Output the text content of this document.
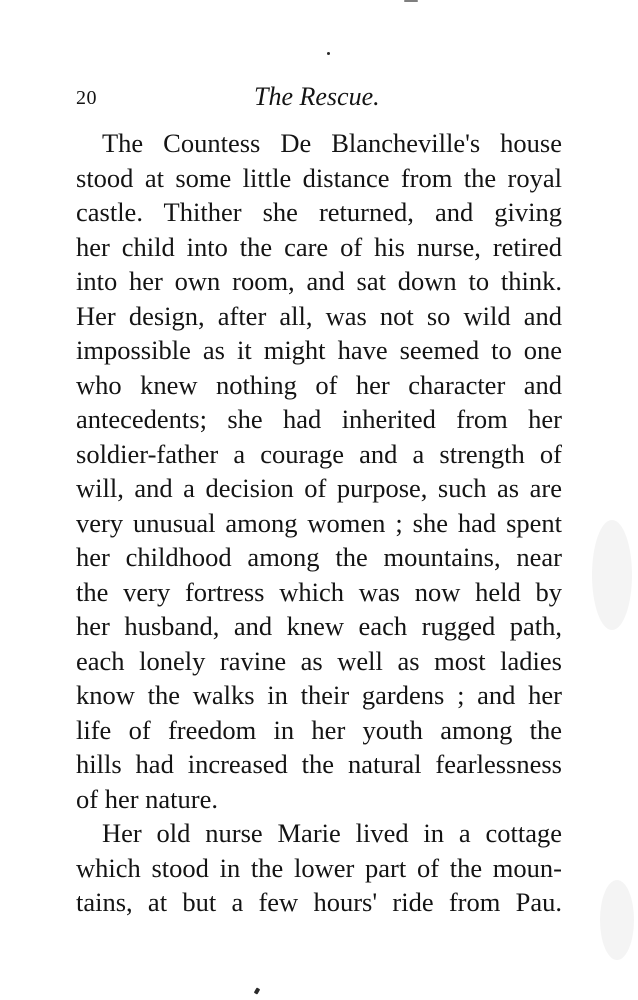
20	The Rescue.
The Countess De Blancheville's house
stood at some little distance from the royal
castle. Thither she returned, and giving
her child into the care of his nurse, retired
into her own room, and sat down to think.
Her design, after all, was not so wild and
impossible as it might have seemed to one
who knew nothing of her character and
antecedents; she had inherited from her
soldier-father a courage and a strength of
will, and a decision of purpose, such as are
very unusual among women ; she had spent
her childhood among the mountains, near
the very fortress which was now held by
her husband, and knew each rugged path,
each lonely ravine as well as most ladies
know the walks in their gardens ; and her
life of freedom in her youth among the
hills had increased the natural fearlessness
of her nature.
Her old nurse Marie lived in a cottage
which stood in the lower part of the moun-
tains, at but a few hours' ride from Pau.
